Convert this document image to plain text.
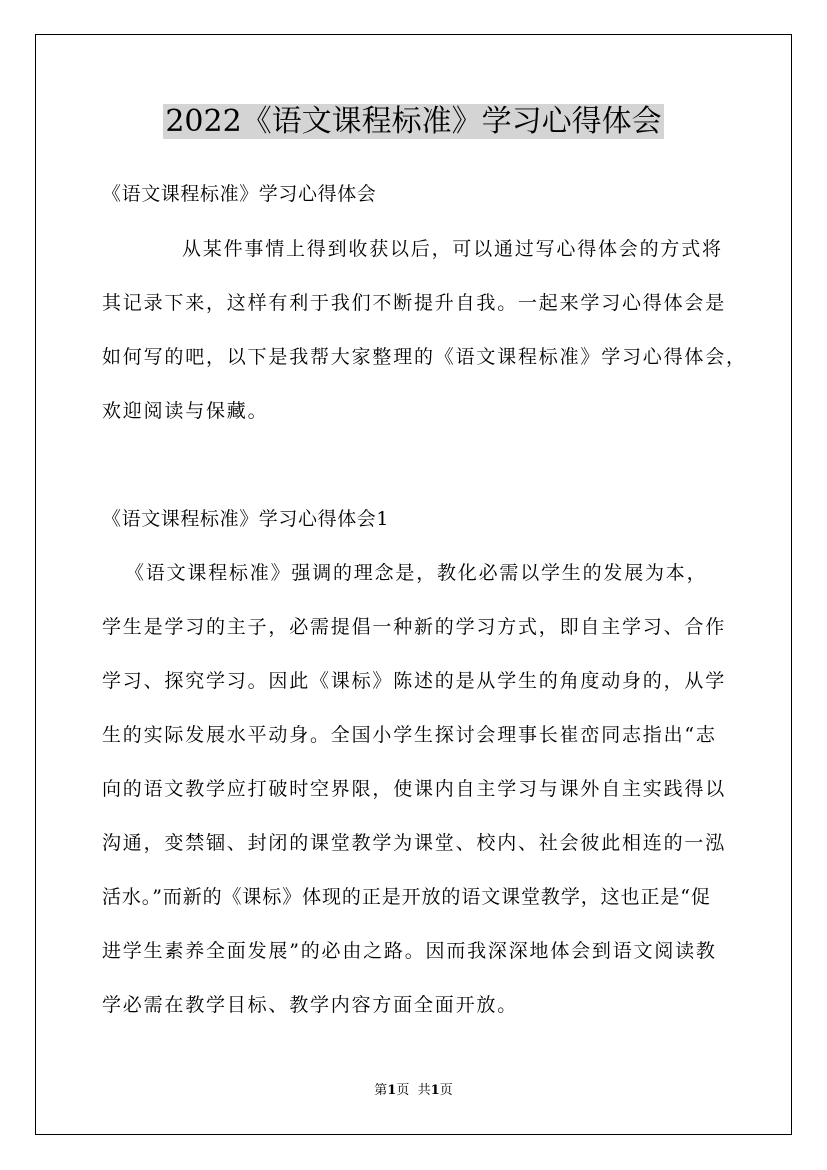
2022《语文课程标准》学习心得体会
《语文课程标准》学习心得体会
从某件事情上得到收获以后，可以通过写心得体会的方式将
其记录下来，这样有利于我们不断提升自我。一起来学习心得体会是
如何写的吧，以下是我帮大家整理的《语文课程标准》学习心得体会，
欢迎阅读与保藏。
《语文课程标准》学习心得体会1
《语文课程标准》强调的理念是，教化必需以学生的发展为本，
学生是学习的主子，必需提倡一种新的学习方式，即自主学习、合作
学习、探究学习。因此《课标》陈述的是从学生的角度动身的，从学
生的实际发展水平动身。全国小学生探讨会理事长崔峦同志指出“志
向的语文教学应打破时空界限，使课内自主学习与课外自主实践得以
沟通，变禁锢、封闭的课堂教学为课堂、校内、社会彼此相连的一泓
活水。”而新的《课标》体现的正是开放的语文课堂教学，这也正是“促
进学生素养全面发展”的必由之路。因而我深深地体会到语文阅读教
学必需在教学目标、教学内容方面全面开放。
第1页 共1页
